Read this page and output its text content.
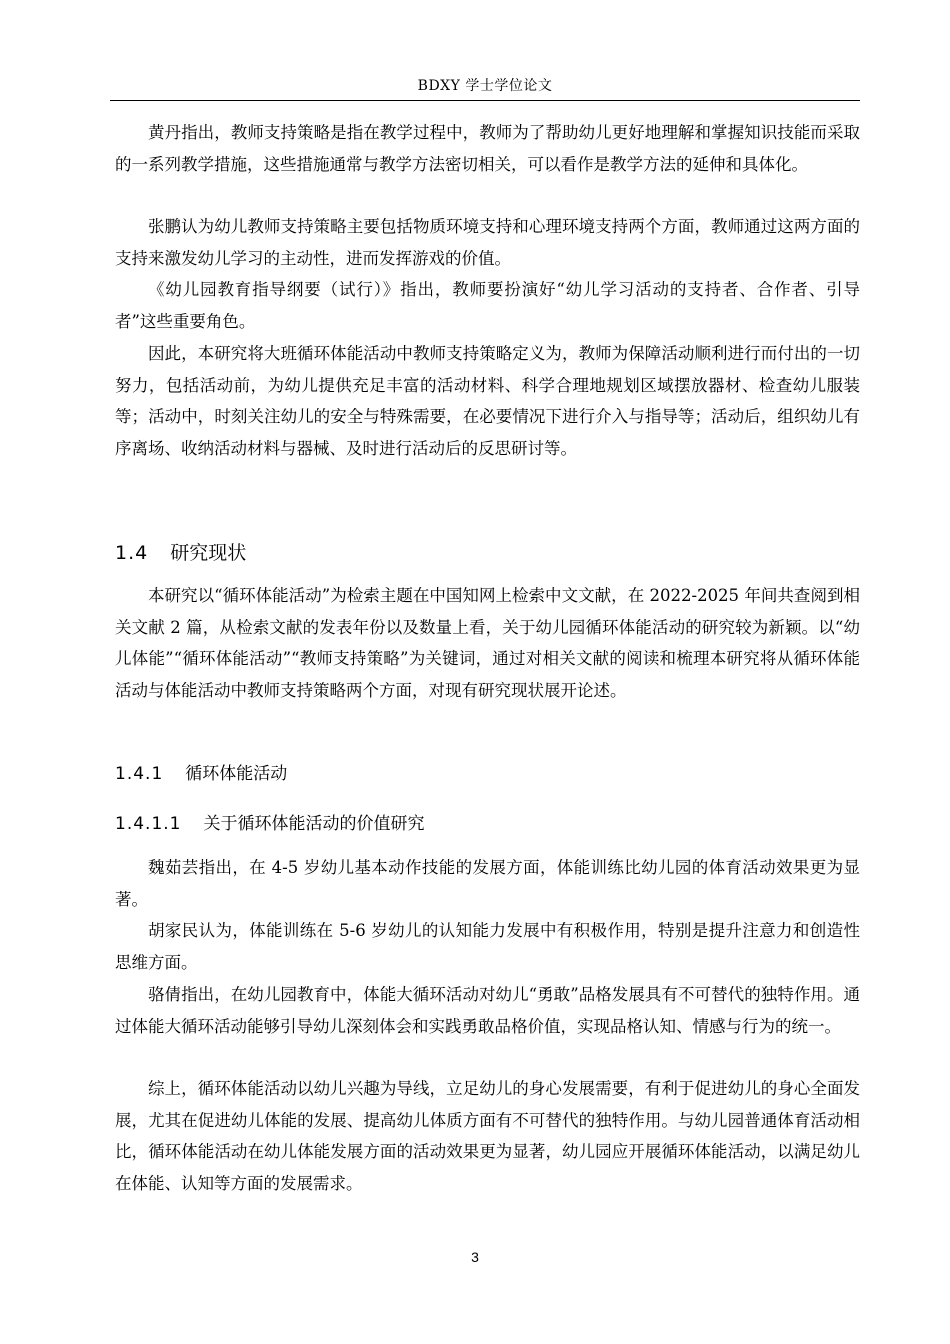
BDXY 学士学位论文

黄丹指出，教师支持策略是指在教学过程中，教师为了帮助幼儿更好地理解和掌握知识技能而采取的一系列教学措施，这些措施通常与教学方法密切相关，可以看作是教学方法的延伸和具体化。

张鹏认为幼儿教师支持策略主要包括物质环境支持和心理环境支持两个方面，教师通过这两方面的支持来激发幼儿学习的主动性，进而发挥游戏的价值。

《幼儿园教育指导纲要（试行）》指出，教师要扮演好“幼儿学习活动的支持者、合作者、引导者”这些重要角色。

因此，本研究将大班循环体能活动中教师支持策略定义为，教师为保障活动顺利进行而付出的一切努力，包括活动前，为幼儿提供充足丰富的活动材料、科学合理地规划区域摆放器材、检查幼儿服装等；活动中，时刻关注幼儿的安全与特殊需要，在必要情况下进行介入与指导等；活动后，组织幼儿有序离场、收纳活动材料与器械、及时进行活动后的反思研讨等。

1.4 研究现状

本研究以“循环体能活动”为检索主题在中国知网上检索中文文献，在 2022-2025 年间共查阅到相关文献 2 篇，从检索文献的发表年份以及数量上看，关于幼儿园循环体能活动的研究较为新颖。以“幼儿体能”“循环体能活动”“教师支持策略”为关键词，通过对相关文献的阅读和梳理本研究将从循环体能活动与体能活动中教师支持策略两个方面，对现有研究现状展开论述。

1.4.1 循环体能活动
1.4.1.1 关于循环体能活动的价值研究

魏茹芸指出，在 4-5 岁幼儿基本动作技能的发展方面，体能训练比幼儿园的体育活动效果更为显著。

胡家民认为，体能训练在 5-6 岁幼儿的认知能力发展中有积极作用，特别是提升注意力和创造性思维方面。

骆倩指出，在幼儿园教育中，体能大循环活动对幼儿“勇敢”品格发展具有不可替代的独特作用。通过体能大循环活动能够引导幼儿深刻体会和实践勇敢品格价值，实现品格认知、情感与行为的统一。

综上，循环体能活动以幼儿兴趣为导线，立足幼儿的身心发展需要，有利于促进幼儿的身心全面发展，尤其在促进幼儿体能的发展、提高幼儿体质方面有不可替代的独特作用。与幼儿园普通体育活动相比，循环体能活动在幼儿体能发展方面的活动效果更为显著，幼儿园应开展循环体能活动，以满足幼儿在体能、认知等方面的发展需求。

3
